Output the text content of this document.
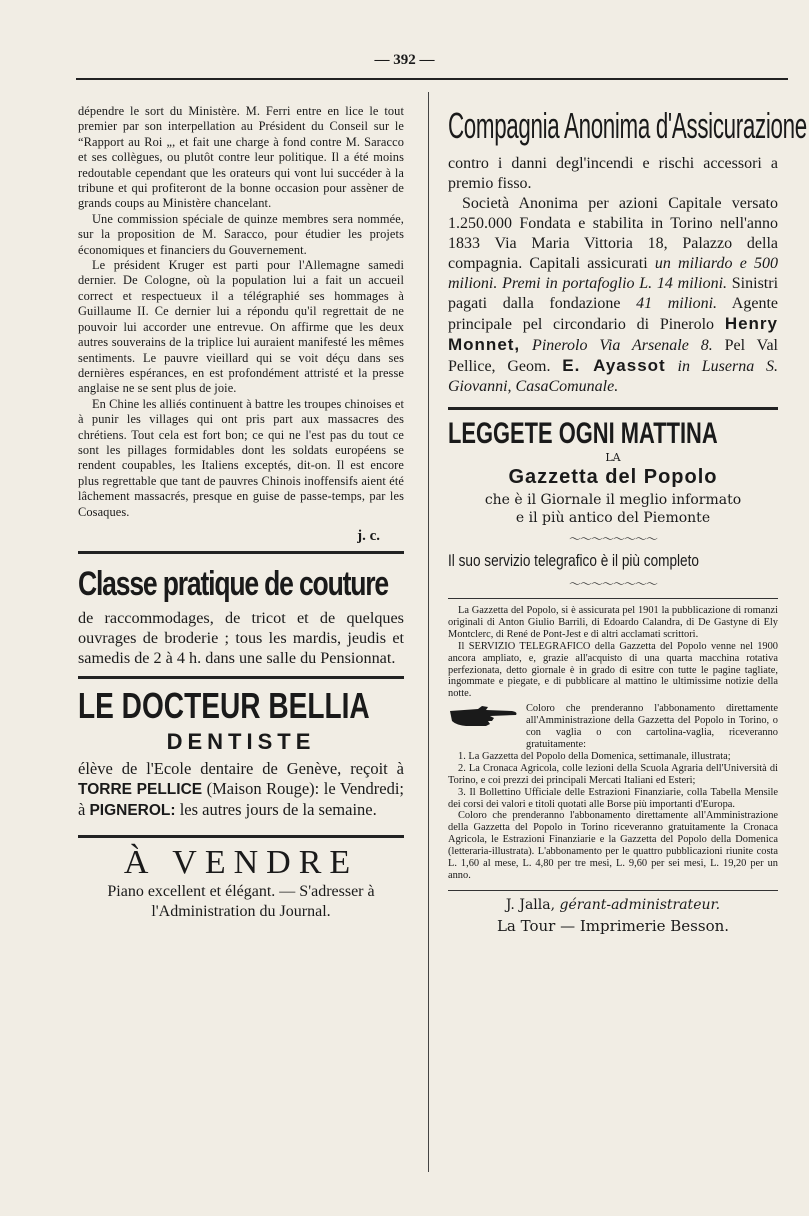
— 392 —

dépendre le sort du Ministère. M. Ferri entre en lice le tout premier par son interpellation au Président du Conseil sur le “Rapport au Roi „, et fait une charge à fond contre M. Saracco et ses collègues, ou plutôt contre leur politique. Il a été moins redoutable cependant que les orateurs qui vont lui succéder à la tribune et qui profiteront de la bonne occasion pour assèner de grands coups au Ministère chancelant.

Une commission spéciale de quinze membres sera nommée, sur la proposition de M. Saracco, pour étudier les projets économiques et financiers du Gouvernement.

Le président Kruger est parti pour l'Allemagne samedi dernier. De Cologne, où la population lui a fait un accueil correct et respectueux il a télégraphié ses hommages à Guillaume II. Ce dernier lui a répondu qu'il regrettait de ne pouvoir lui accorder une entrevue. On affirme que les deux autres souverains de la triplice lui auraient manifesté les mêmes sentiments. Le pauvre vieillard qui se voit déçu dans ses dernières espérances, en est profondément attristé et la presse anglaise ne se sent plus de joie.

En Chine les alliés continuent à battre les troupes chinoises et à punir les villages qui ont pris part aux massacres des chrétiens. Tout cela est fort bon; ce qui ne l'est pas du tout ce sont les pillages formidables dont les soldats européens se rendent coupables, les Italiens exceptés, dit-on. Il est encore plus regrettable que tant de pauvres Chinois inoffensifs aient été lâchement massacrés, presque en guise de passe-temps, par les Cosaques.

j. c.
Classe pratique de couture

de raccommodages, de tricot et de quelques ouvrages de broderie ; tous les mardis, jeudis et samedis de 2 à 4 h. dans une salle du Pensionnat.

LE DOCTEUR BELLIA
DENTISTE

élève de l'Ecole dentaire de Genève, reçoit à TORRE PELLICE (Maison Rouge): le Vendredi; à PIGNEROL: les autres jours de la semaine.

À VENDRE

Piano excellent et élégant. — S'adresser à l'Administration du Journal.

Compagnia Anonima d'Assicurazione

contro i danni degl'incendi e rischi accessori a premio fisso.

Società Anonima per azioni Capitale versato 1.250.000 Fondata e stabilita in Torino nell'anno 1833 Via Maria Vittoria 18, Palazzo della compagnia. Capitali assicurati un miliardo e 500 milioni. Premi in portafoglio L. 14 milioni. Sinistri pagati dalla fondazione 41 milioni. Agente principale pel circondario di Pinerolo Henry Monnet, Pinerolo Via Arsenale 8. Pel Val Pellice, Geom. E. Ayassot in Luserna S. Giovanni, CasaComunale.

LEGGETE OGNI MATTINA

LA

Gazzetta del Popolo

che è il Giornale il meglio informato

e il più antico del Piemonte

〜〜〜〜〜〜〜〜
Il suo servizio telegrafico è il più completo
〜〜〜〜〜〜〜〜

La Gazzetta del Popolo, si è assicurata pel 1901 la pubblicazione di romanzi originali di Anton Giulio Barrili, di Edoardo Calandra, di De Gastyne di Ely Montclerc, di René de Pont-Jest e di altri acclamati scrittori.

Il SERVIZIO TELEGRAFICO della Gazzetta del Popolo venne nel 1900 ancora ampliato, e, grazie all'acquisto di una quarta macchina rotativa perfezionata, detto giornale è in grado di esitre con tutte le pagine tagliate, ingommate e piegate, e di pubblicare al mattino le ultimissime notizie della notte.

Coloro che prenderanno l'abbonamento direttamente all'Amministrazione della Gazzetta del Popolo in Torino, o con vaglia o con cartolina-vaglia, riceveranno gratuitamente:

1. La Gazzetta del Popolo della Domenica, settimanale, illustrata;

2. La Cronaca Agricola, colle lezioni della Scuola Agraria dell'Università di Torino, e coi prezzi dei principali Mercati Italiani ed Esteri;

3. Il Bollettino Ufficiale delle Estrazioni Finanziarie, colla Tabella Mensile dei corsi dei valori e titoli quotati alle Borse più importanti d'Europa.

Coloro che prenderanno l'abbonamento direttamente all'Amministrazione della Gazzetta del Popolo in Torino riceveranno gratuitamente la Cronaca Agricola, le Estrazioni Finanziarie e la Gazzetta del Popolo della Domenica (letteraria-illustrata). L'abbonamento per le quattro pubblicazioni riunite costa L. 1,60 al mese, L. 4,80 per tre mesi, L. 9,60 per sei mesi, L. 19,20 per un anno.

J. Jalla, gérant-administrateur.

La Tour — Imprimerie Besson.
